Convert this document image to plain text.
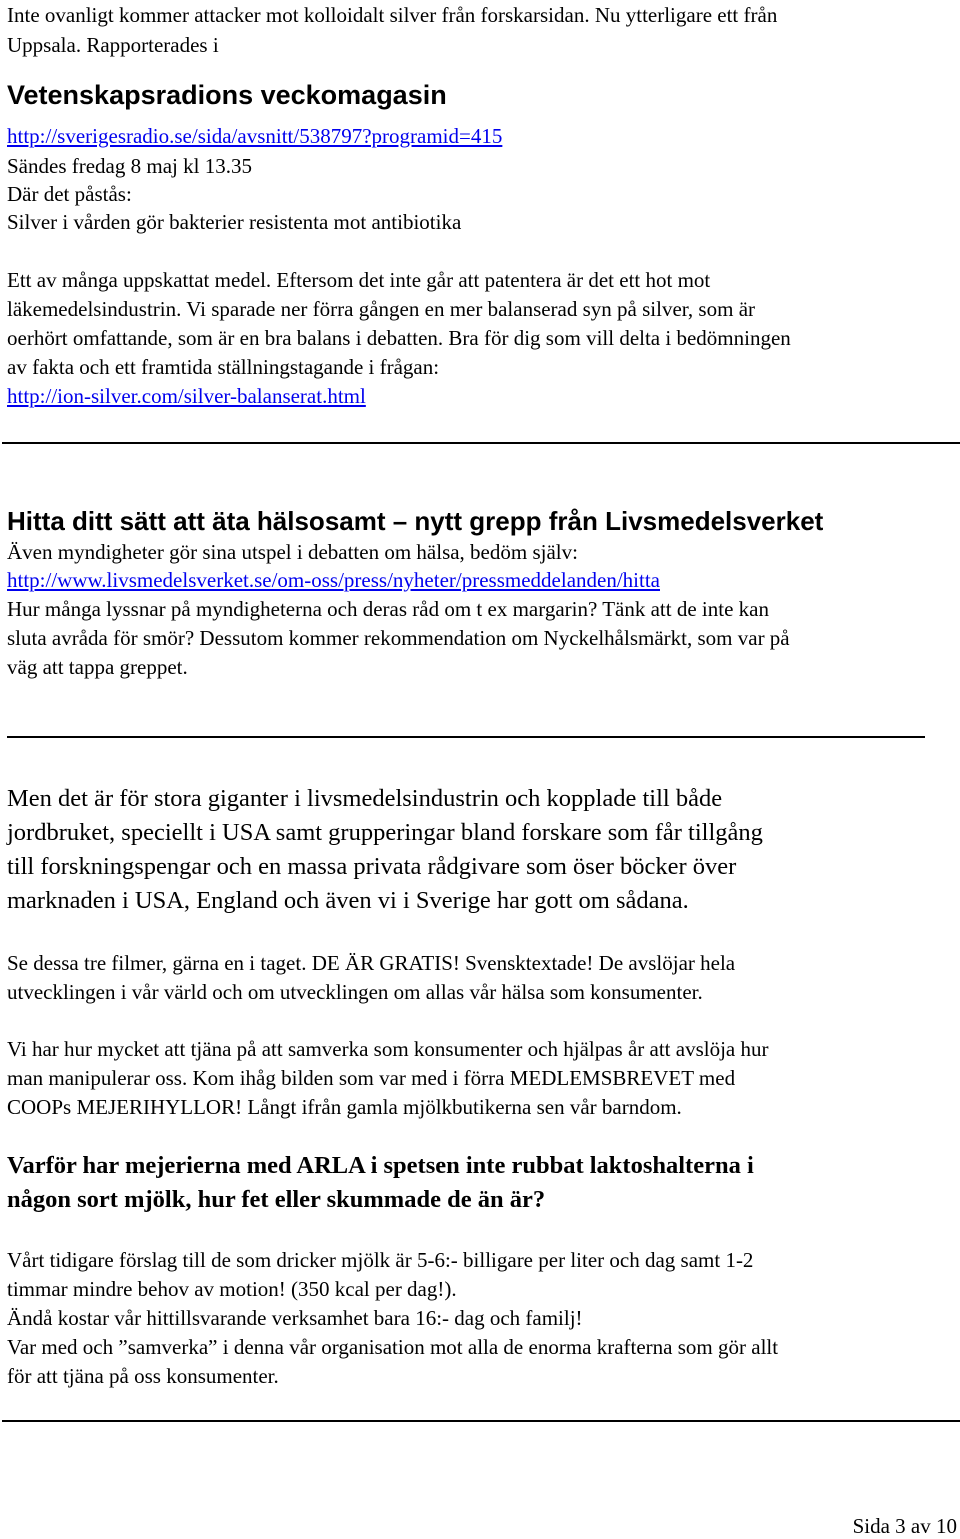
Inte ovanligt kommer attacker mot kolloidalt silver från forskarsidan. Nu ytterligare ett från
Uppsala. Rapporterades i
Vetenskapsradions veckomagasin
http://sverigesradio.se/sida/avsnitt/538797?programid=415
Sändes fredag 8 maj kl 13.35
Där det påstås:
Silver i vården gör bakterier resistenta mot antibiotika
Ett av många uppskattat medel. Eftersom det inte går att patentera är det ett hot mot
läkemedelsindustrin. Vi sparade ner förra gången en mer balanserad syn på silver, som är
oerhört omfattande, som är en bra balans i debatten. Bra för dig som vill delta i bedömningen
av fakta och ett framtida ställningstagande i frågan:
http://ion-silver.com/silver-balanserat.html
Hitta ditt sätt att äta hälsosamt – nytt grepp från Livsmedelsverket
Även myndigheter gör sina utspel i debatten om hälsa, bedöm själv:
http://www.livsmedelsverket.se/om-oss/press/nyheter/pressmeddelanden/hitta
Hur många lyssnar på myndigheterna och deras råd om t ex margarin? Tänk att de inte kan
sluta avråda för smör? Dessutom kommer rekommendation om Nyckelhålsmärkt, som var på
väg att tappa greppet.
Men det är för stora giganter i livsmedelsindustrin och kopplade till både
jordbruket, speciellt i USA samt grupperingar bland forskare som får tillgång
till forskningspengar och en massa privata rådgivare som öser böcker över
marknaden i USA, England och även vi i Sverige har gott om sådana.
Se dessa tre filmer, gärna en i taget. DE ÄR GRATIS! Svensktextade! De avslöjar hela
utvecklingen i vår värld och om utvecklingen om allas vår hälsa som konsumenter.
Vi har hur mycket att tjäna på att samverka som konsumenter och hjälpas år att avslöja hur
man manipulerar oss. Kom ihåg bilden som var med i förra MEDLEMSBREVET med
COOPs MEJERIHYLLOR! Långt ifrån gamla mjölkbutikerna sen vår barndom.
Varför har mejerierna med ARLA i spetsen inte rubbat laktoshalterna i
någon sort mjölk, hur fet eller skummade de än är?
Vårt tidigare förslag till de som dricker mjölk är 5-6:- billigare per liter och dag samt 1-2
timmar mindre behov av motion! (350 kcal per dag!).
Ändå kostar vår hittillsvarande verksamhet bara 16:- dag och familj!
Var med och ”samverka” i denna vår organisation mot alla de enorma krafterna som gör allt
för att tjäna på oss konsumenter.
Sida 3 av 10
